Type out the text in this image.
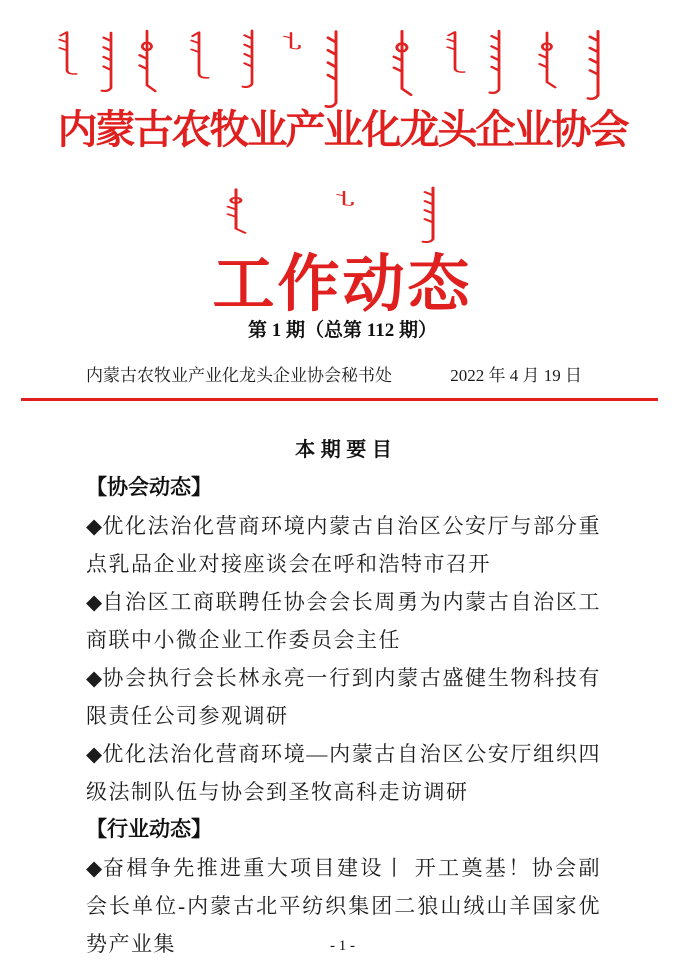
内蒙古农牧业产业化龙头企业协会
工作动态
第 1 期（总第 112 期）
内蒙古农牧业产业化龙头企业协会秘书处	2022 年 4 月 19 日

本 期 要 目

【协会动态】

◆优化法治化营商环境内蒙古自治区公安厅与部分重点乳品企业对接座谈会在呼和浩特市召开

◆自治区工商联聘任协会会长周勇为内蒙古自治区工商联中小微企业工作委员会主任

◆协会执行会长林永亮一行到内蒙古盛健生物科技有限责任公司参观调研

◆优化法治化营商环境—内蒙古自治区公安厅组织四级法制队伍与协会到圣牧高科走访调研

【行业动态】

◆奋楫争先推进重大项目建设丨 开工奠基！协会副会长单位-内蒙古北平纺织集团二狼山绒山羊国家优势产业集	- 1 -
